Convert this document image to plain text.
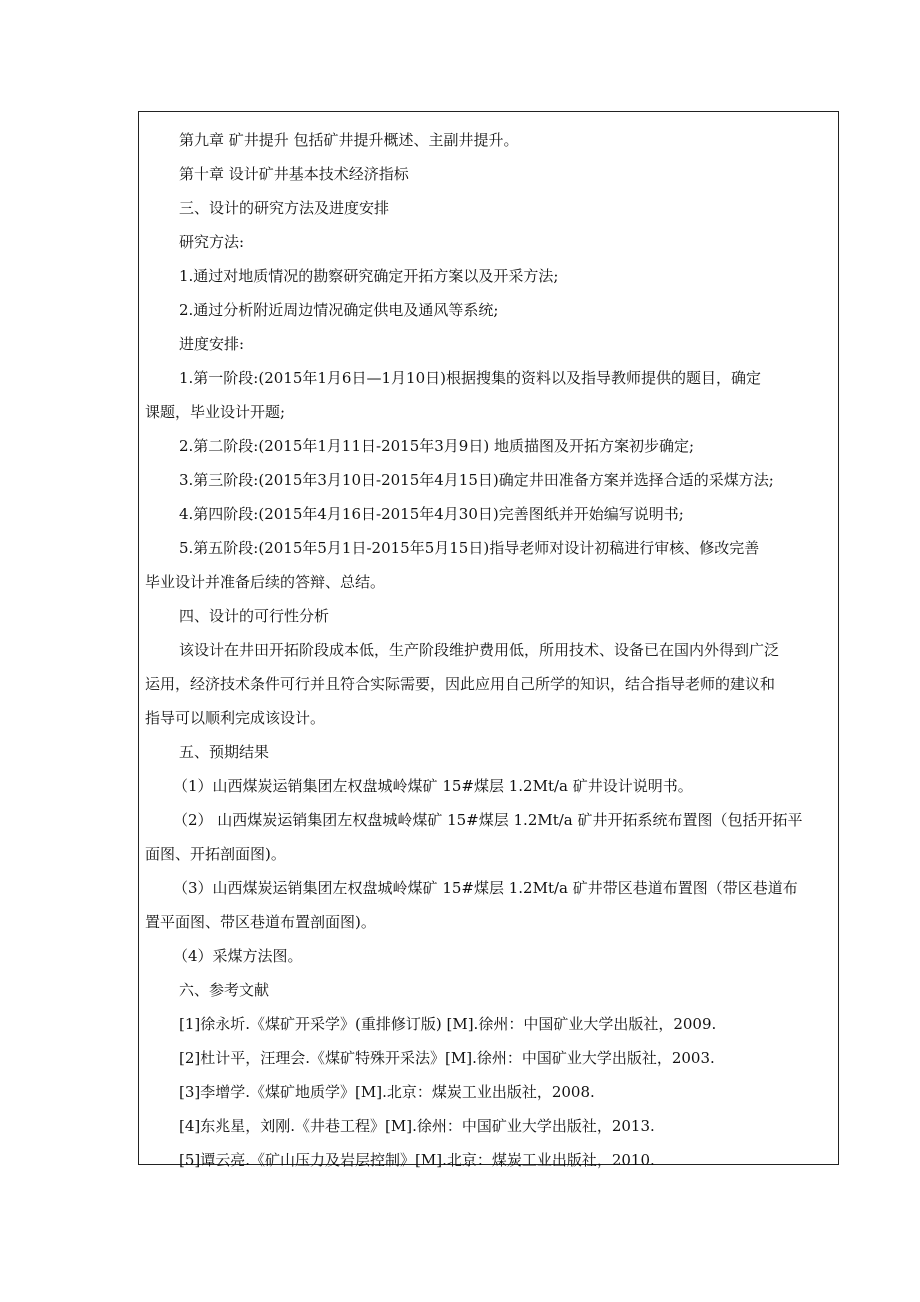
第九章 矿井提升 包括矿井提升概述、主副井提升。
第十章 设计矿井基本技术经济指标
三、设计的研究方法及进度安排
研究方法:
1.通过对地质情况的勘察研究确定开拓方案以及开采方法;
2.通过分析附近周边情况确定供电及通风等系统;
进度安排:
1.第一阶段:(2015年1月6日—1月10日)根据搜集的资料以及指导教师提供的题目，确定
课题，毕业设计开题;
2.第二阶段:(2015年1月11日-2015年3月9日) 地质描图及开拓方案初步确定;
3.第三阶段:(2015年3月10日-2015年4月15日)确定井田准备方案并选择合适的采煤方法;
4.第四阶段:(2015年4月16日-2015年4月30日)完善图纸并开始编写说明书;
5.第五阶段:(2015年5月1日-2015年5月15日)指导老师对设计初稿进行审核、修改完善
毕业设计并准备后续的答辩、总结。
四、设计的可行性分析
该设计在井田开拓阶段成本低，生产阶段维护费用低，所用技术、设备已在国内外得到广泛
运用，经济技术条件可行并且符合实际需要，因此应用自己所学的知识，结合指导老师的建议和
指导可以顺利完成该设计。
五、预期结果
（1）山西煤炭运销集团左权盘城岭煤矿 15#煤层 1.2Mt/a 矿井设计说明书。
（2） 山西煤炭运销集团左权盘城岭煤矿 15#煤层 1.2Mt/a 矿井开拓系统布置图（包括开拓平
面图、开拓剖面图)。
（3）山西煤炭运销集团左权盘城岭煤矿 15#煤层 1.2Mt/a 矿井带区巷道布置图（带区巷道布
置平面图、带区巷道布置剖面图)。
（4）采煤方法图。
六、参考文献
[1]徐永圻.《煤矿开采学》(重排修订版) [M].徐州：中国矿业大学出版社，2009.
[2]杜计平，汪理会.《煤矿特殊开采法》[M].徐州：中国矿业大学出版社，2003.
[3]李增学.《煤矿地质学》[M].北京：煤炭工业出版社，2008.
[4]东兆星，刘刚.《井巷工程》[M].徐州：中国矿业大学出版社，2013.
[5]谭云亮.《矿山压力及岩层控制》[M].北京：煤炭工业出版社，2010.
